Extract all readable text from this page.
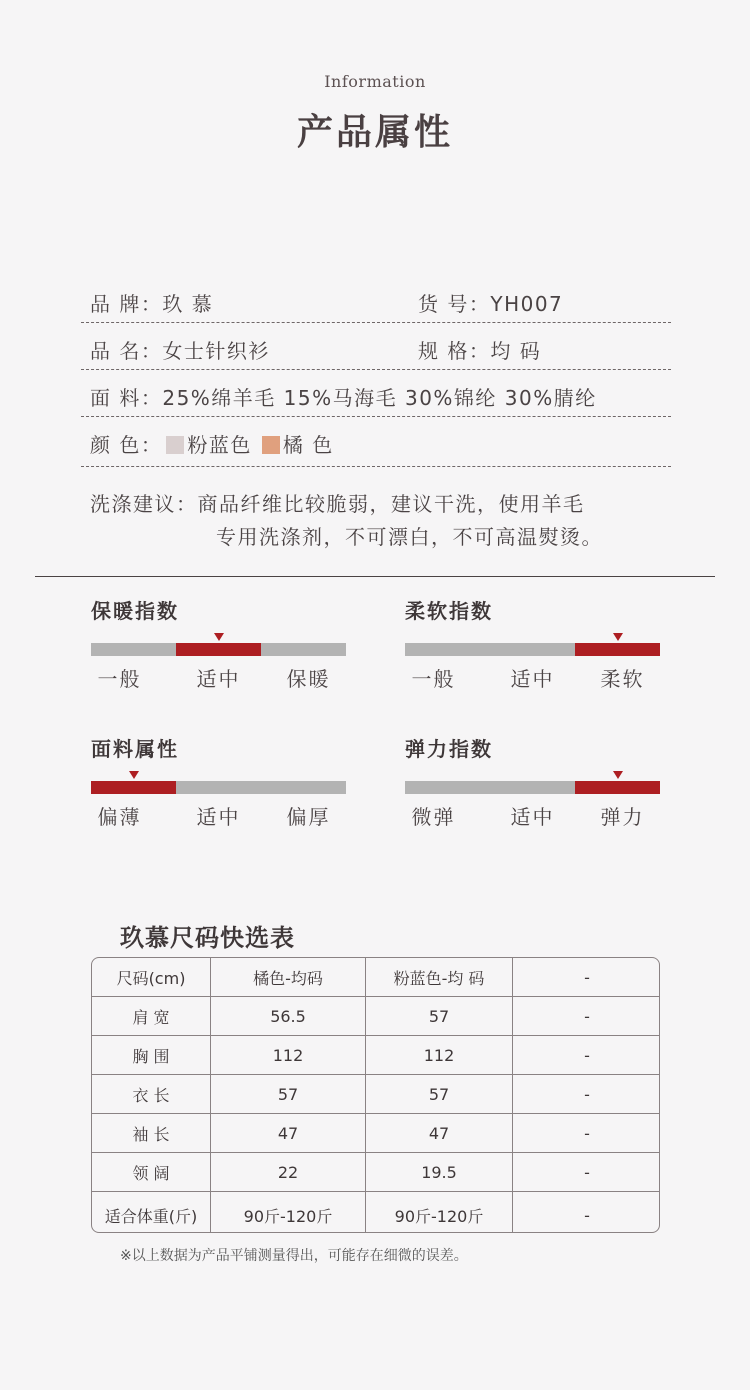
Information
产品属性
品 牌：玖 慕	货 号：YH007
品 名：女士针织衫	规 格：均 码
面 料：25%绵羊毛 15%马海毛 30%锦纶 30%腈纶
颜 色： 粉蓝色 橘 色
洗涤建议：商品纤维比较脆弱，建议干洗，使用羊毛
专用洗涤剂，不可漂白，不可高温熨烫。
保暖指数
一般	适中	保暖
柔软指数
一般	适中	柔软
面料属性
偏薄	适中	偏厚
弹力指数
微弹	适中	弹力
玖慕尺码快选表
尺码(cm)	橘色-均码	粉蓝色-均 码	-
肩 宽	56.5	57	-
胸 围	112	112	-
衣 长	57	57	-
袖 长	47	47	-
领 阔	22	19.5	-
适合体重(斤)	90斤-120斤	90斤-120斤	-
※以上数据为产品平铺测量得出，可能存在细微的误差。
